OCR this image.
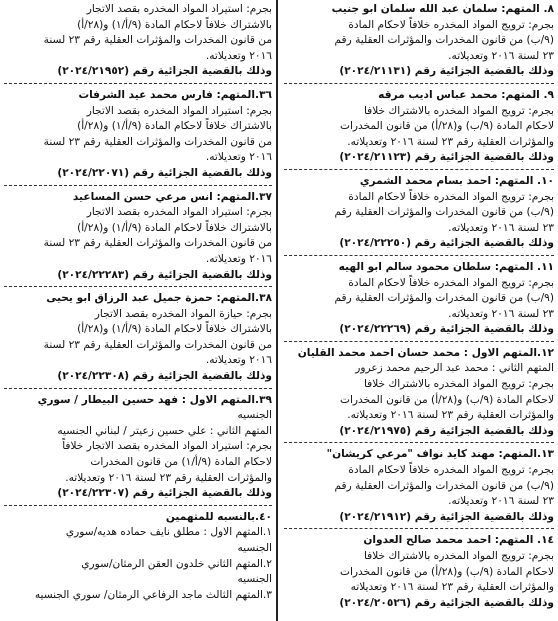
٨. المتهم: سلمان عبد الله سلمان ابو جنيب
بجرم: ترويج المواد المخدره خلافاً لاحكام المادة
(٩/ب) من قانون المخدرات والمؤثرات العقلية رقم
٢٣ لسنة ٢٠١٦ وتعديلاته.
وذلك بالقضية الجزائية رقم (٢٠٢٤/٢١١٣١)
٩. المتهم: محمد عباس اديب مرقه
بجرم: ترويج المواد المخدره بالاشتراك خلافا
لاحكام المادة (٩/ب) و(٢٨/أ) من قانون المخدرات
والمؤثرات العقلية رقم ٢٣ لسنة ٢٠١٦ وتعديلاته.
وذلك بالقضية الجزائية رقم (٢٠٢٤/٢١١٢٣)
١٠. المتهم: احمد بسام محمد الشمري
بجرم: ترويج المواد المخدره خلافاً لاحكام المادة
(٩/ب) من قانون المخدرات والمؤثرات العقلية رقم
٢٣ لسنة ٢٠١٦ وتعديلاته.
وذلك بالقضية الجزائية رقم (٢٠٢٤/٢٢٢٥٠)
١١. المتهم: سلطان محمود سالم ابو الهيه
بجرم: ترويج المواد المخدره خلافاً لاحكام المادة
(٩/ب) من قانون المخدرات والمؤثرات العقلية رقم
٢٣ لسنة ٢٠١٦ وتعديلاته.
وذلك بالقضية الجزائية رقم (٢٠٢٤/٢٢٢٦٩)
١٢.المتهم الاول : محمد حسان احمد محمد القليان
المتهم الثاني : محمد عبد الرحيم محمد زعرور
بجرم: ترويج المواد المخدره بالاشتراك خلافا
لاحكام المادة (٩/ب) و(٢٨/أ) من قانون المخدرات
والمؤثرات العقلية رقم ٢٣ لسنة ٢٠١٦ وتعديلاته.
وذلك بالقضية الجزائية رقم (٢٠٢٤/٢١٩٧٥)
١٣.المتهم: مهند كايد نواف "مرعي كريشان"
بجرم: ترويج المواد المخدره خلافاً لاحكام المادة
(٩/ب) من قانون المخدرات والمؤثرات العقلية رقم
٢٣ لسنة ٢٠١٦ وتعديلاته.
وذلك بالقضية الجزائية رقم (٢٠٢٤/٢١٩١٢)
١٤. المتهم: احمد محمد صالح العدوان
بجرم: ترويج المواد المخدره بالاشتراك خلافا
لاحكام المادة (٩/ب) و(٢٨/أ) من قانون المخدرات
والمؤثرات العقلية رقم ٢٣ لسنة ٢٠١٦ وتعديلاته
وذلك بالقضية الجزائية رقم (٢٠٢٤/٢٠٥٢٦)
بجرم: استيراد المواد المخدره بقصد الاتجار
بالاشتراك خلافاً لاحكام المادة (٩/أ/١) و(٢٨/أ)
من قانون المخدرات والمؤثرات العقلية رقم ٢٣ لسنة
٢٠١٦ وتعديلاته.
وذلك بالقضية الجزائية رقم (٢٠٢٤/٢١٩٥٢)
٣٦.المتهم: فارس محمد عيد الشرفات
بجرم: استيراد المواد المخدره بقصد الاتجار
بالاشتراك خلافاً لاحكام المادة (٩/أ/١) و(٢٨/أ)
من قانون المخدرات والمؤثرات العقلية رقم ٢٣ لسنة
٢٠١٦ وتعديلاته.
وذلك بالقضية الجزائية رقم (٢٠٢٤/٢٢٠٧١)
٣٧.المتهم: انس مرعي حسن المساعيد
بجرم: استيراد المواد المخدره بقصد الاتجار
بالاشتراك خلافاً لاحكام المادة (٩/أ/١) و(٢٨/أ)
من قانون المخدرات والمؤثرات العقلية رقم ٢٣ لسنة
٢٠١٦ وتعديلاته.
وذلك بالقضية الجزائية رقم (٢٠٢٤/٢٢٢٨٣)
٣٨.المتهم: حمزة جميل عبد الرزاق ابو يحيى
بجرم: حيازة المواد المخدره بقصد الاتجار
بالاشتراك خلافاً لاحكام المادة (٩/أ/١) و(٢٨/أ)
من قانون المخدرات والمؤثرات العقلية رقم ٢٣ لسنة
٢٠١٦ وتعديلاته.
وذلك بالقضية الجزائية رقم (٢٠٢٤/٢٢٣٠٨)
٣٩.المتهم الاول : فهد حسين البيطار / سوري
الجنسيه
المتهم الثاني : علي حسين زعيتر / لبناني الجنسيه
بجرم: استيراد المواد المخدره بقصد الاتجار خلافاً
لاحكام المادة (٩/أ/١) من قانون المخدرات
والمؤثرات العقلية رقم ٢٣ لسنة ٢٠١٦ وتعديلاته.
وذلك بالقضية الجزائية رقم (٢٠٢٤/٢٢٣٠٧)
٤٠.بالنسبه للمتهمين
١.المتهم الاول : مطلق نايف حماده هديه/سوري
الجنسيه
٢.المتهم الثاني خلدون العقن الرمثان/سوري
الجنسيه
٣.المتهم الثالث ماجد الرفاعي الرمثان/ سوري الجنسيه
